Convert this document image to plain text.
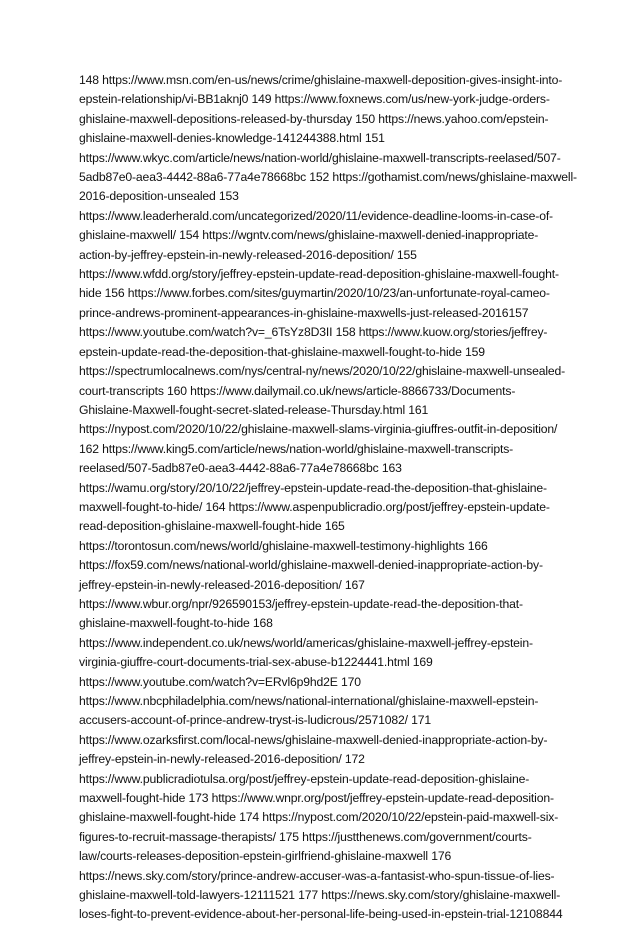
148 https://www.msn.com/en-us/news/crime/ghislaine-maxwell-deposition-gives-insight-into-
epstein-relationship/vi-BB1aknj0 149 https://www.foxnews.com/us/new-york-judge-orders-
ghislaine-maxwell-depositions-released-by-thursday 150 https://news.yahoo.com/epstein-
ghislaine-maxwell-denies-knowledge-141244388.html 151
https://www.wkyc.com/article/news/nation-world/ghislaine-maxwell-transcripts-reelased/507-
5adb87e0-aea3-4442-88a6-77a4e78668bc 152 https://gothamist.com/news/ghislaine-maxwell-
2016-deposition-unsealed 153
https://www.leaderherald.com/uncategorized/2020/11/evidence-deadline-looms-in-case-of-
ghislaine-maxwell/ 154 https://wgntv.com/news/ghislaine-maxwell-denied-inappropriate-
action-by-jeffrey-epstein-in-newly-released-2016-deposition/ 155
https://www.wfdd.org/story/jeffrey-epstein-update-read-deposition-ghislaine-maxwell-fought-
hide 156 https://www.forbes.com/sites/guymartin/2020/10/23/an-unfortunate-royal-cameo-
prince-andrews-prominent-appearances-in-ghislaine-maxwells-just-released-2016157
https://www.youtube.com/watch?v=_6TsYz8D3II 158 https://www.kuow.org/stories/jeffrey-
epstein-update-read-the-deposition-that-ghislaine-maxwell-fought-to-hide 159
https://spectrumlocalnews.com/nys/central-ny/news/2020/10/22/ghislaine-maxwell-unsealed-
court-transcripts 160 https://www.dailymail.co.uk/news/article-8866733/Documents-
Ghislaine-Maxwell-fought-secret-slated-release-Thursday.html 161
https://nypost.com/2020/10/22/ghislaine-maxwell-slams-virginia-giuffres-outfit-in-deposition/
162 https://www.king5.com/article/news/nation-world/ghislaine-maxwell-transcripts-
reelased/507-5adb87e0-aea3-4442-88a6-77a4e78668bc 163
https://wamu.org/story/20/10/22/jeffrey-epstein-update-read-the-deposition-that-ghislaine-
maxwell-fought-to-hide/ 164 https://www.aspenpublicradio.org/post/jeffrey-epstein-update-
read-deposition-ghislaine-maxwell-fought-hide 165
https://torontosun.com/news/world/ghislaine-maxwell-testimony-highlights 166
https://fox59.com/news/national-world/ghislaine-maxwell-denied-inappropriate-action-by-
jeffrey-epstein-in-newly-released-2016-deposition/ 167
https://www.wbur.org/npr/926590153/jeffrey-epstein-update-read-the-deposition-that-
ghislaine-maxwell-fought-to-hide 168
https://www.independent.co.uk/news/world/americas/ghislaine-maxwell-jeffrey-epstein-
virginia-giuffre-court-documents-trial-sex-abuse-b1224441.html 169
https://www.youtube.com/watch?v=ERvl6p9hd2E 170
https://www.nbcphiladelphia.com/news/national-international/ghislaine-maxwell-epstein-
accusers-account-of-prince-andrew-tryst-is-ludicrous/2571082/ 171
https://www.ozarksfirst.com/local-news/ghislaine-maxwell-denied-inappropriate-action-by-
jeffrey-epstein-in-newly-released-2016-deposition/ 172
https://www.publicradiotulsa.org/post/jeffrey-epstein-update-read-deposition-ghislaine-
maxwell-fought-hide 173 https://www.wnpr.org/post/jeffrey-epstein-update-read-deposition-
ghislaine-maxwell-fought-hide 174 https://nypost.com/2020/10/22/epstein-paid-maxwell-six-
figures-to-recruit-massage-therapists/ 175 https://justthenews.com/government/courts-
law/courts-releases-deposition-epstein-girlfriend-ghislaine-maxwell 176
https://news.sky.com/story/prince-andrew-accuser-was-a-fantasist-who-spun-tissue-of-lies-
ghislaine-maxwell-told-lawyers-12111521 177 https://news.sky.com/story/ghislaine-maxwell-
loses-fight-to-prevent-evidence-about-her-personal-life-being-used-in-epstein-trial-12108844
